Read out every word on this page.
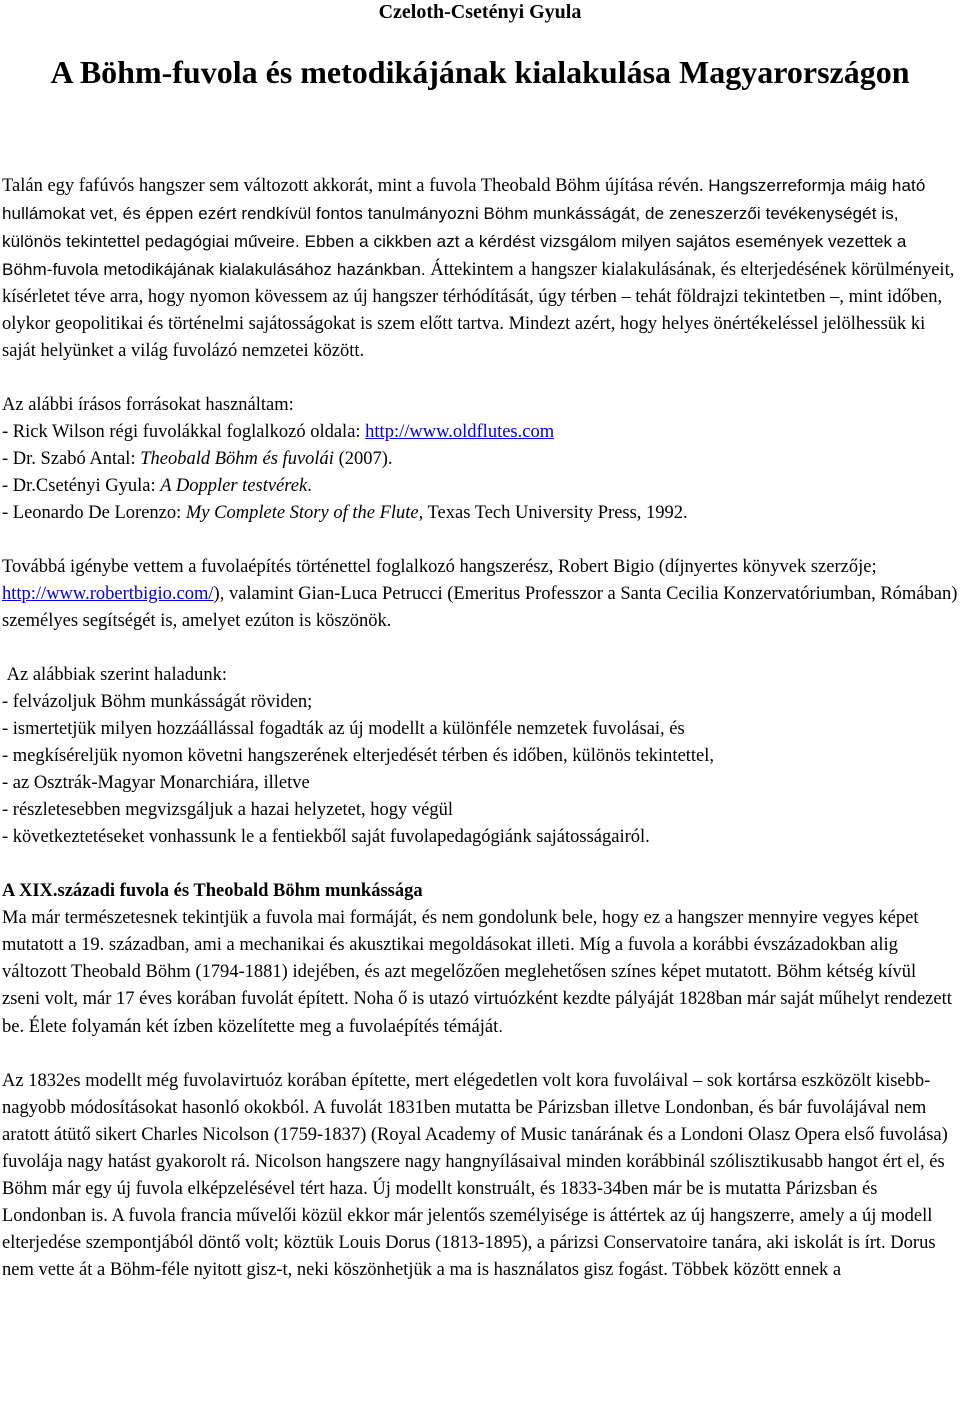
Czeloth-Csetényi Gyula
A Böhm-fuvola és metodikájának kialakulása Magyarországon

Talán egy fafúvós hangszer sem változott akkorát, mint a fuvola Theobald Böhm újítása révén. Hangszerreformja máig ható hullámokat vet, és éppen ezért rendkívül fontos tanulmányozni Böhm munkásságát, de zeneszerzői tevékenységét is, különös tekintettel pedagógiai műveire. Ebben a cikkben azt a kérdést vizsgálom milyen sajátos események vezettek a Böhm-fuvola metodikájának kialakulásához hazánkban. Áttekintem a hangszer kialakulásának, és elterjedésének körülményeit, kísérletet téve arra, hogy nyomon kövessem az új hangszer térhódítását, úgy térben – tehát földrajzi tekintetben –, mint időben, olykor geopolitikai és történelmi sajátosságokat is szem előtt tartva. Mindezt azért, hogy helyes önértékeléssel jelölhessük ki saját helyünket a világ fuvolázó nemzetei között.

Az alábbi írásos forrásokat használtam:

- Rick Wilson régi fuvolákkal foglalkozó oldala: http://www.oldflutes.com

- Dr. Szabó Antal: Theobald Böhm és fuvolái (2007).

- Dr.Csetényi Gyula: A Doppler testvérek.

- Leonardo De Lorenzo: My Complete Story of the Flute, Texas Tech University Press, 1992.

Továbbá igénybe vettem a fuvolaépítés történettel foglalkozó hangszerész, Robert Bigio (díjnyertes könyvek szerzője; http://www.robertbigio.com/), valamint Gian-Luca Petrucci (Emeritus Professzor a Santa Cecilia Konzervatóriumban, Rómában) személyes segítségét is, amelyet ezúton is köszönök.

Az alábbiak szerint haladunk:

- felvázoljuk Böhm munkásságát röviden;

- ismertetjük milyen hozzáállással fogadták az új modellt a különféle nemzetek fuvolásai, és

- megkíséreljük nyomon követni hangszerének elterjedését térben és időben, különös tekintettel,

- az Osztrák-Magyar Monarchiára, illetve

- részletesebben megvizsgáljuk a hazai helyzetet, hogy végül

- következtetéseket vonhassunk le a fentiekből saját fuvolapedagógiánk sajátosságairól.

A XIX.századi fuvola és Theobald Böhm munkássága

Ma már természetesnek tekintjük a fuvola mai formáját, és nem gondolunk bele, hogy ez a hangszer mennyire vegyes képet mutatott a 19. században, ami a mechanikai és akusztikai megoldásokat illeti. Míg a fuvola a korábbi évszázadokban alig változott Theobald Böhm (1794-1881) idejében, és azt megelőzően meglehetősen színes képet mutatott. Böhm kétség kívül zseni volt, már 17 éves korában fuvolát épített. Noha ő is utazó virtuózként kezdte pályáját 1828ban már saját műhelyt rendezett be. Élete folyamán két ízben közelítette meg a fuvolaépítés témáját.

Az 1832es modellt még fuvolavirtuóz korában építette, mert elégedetlen volt kora fuvoláival – sok kortársa eszközölt kisebb-nagyobb módosításokat hasonló okokból. A fuvolát 1831ben mutatta be Párizsban illetve Londonban, és bár fuvolájával nem aratott átütő sikert Charles Nicolson (1759-1837) (Royal Academy of Music tanárának és a Londoni Olasz Opera első fuvolása) fuvolája nagy hatást gyakorolt rá. Nicolson hangszere nagy hangnyílásaival minden korábbinál szólisztikusabb hangot ért el, és Böhm már egy új fuvola elképzelésével tért haza. Új modellt konstruált, és 1833-34ben már be is mutatta Párizsban és Londonban is. A fuvola francia művelői közül ekkor már jelentős személyisége is áttértek az új hangszerre, amely a új modell elterjedése szempontjából döntő volt; köztük Louis Dorus (1813-1895), a párizsi Conservatoire tanára, aki iskolát is írt. Dorus nem vette át a Böhm-féle nyitott gisz-t, neki köszönhetjük a ma is használatos gisz fogást. Többek között ennek a
